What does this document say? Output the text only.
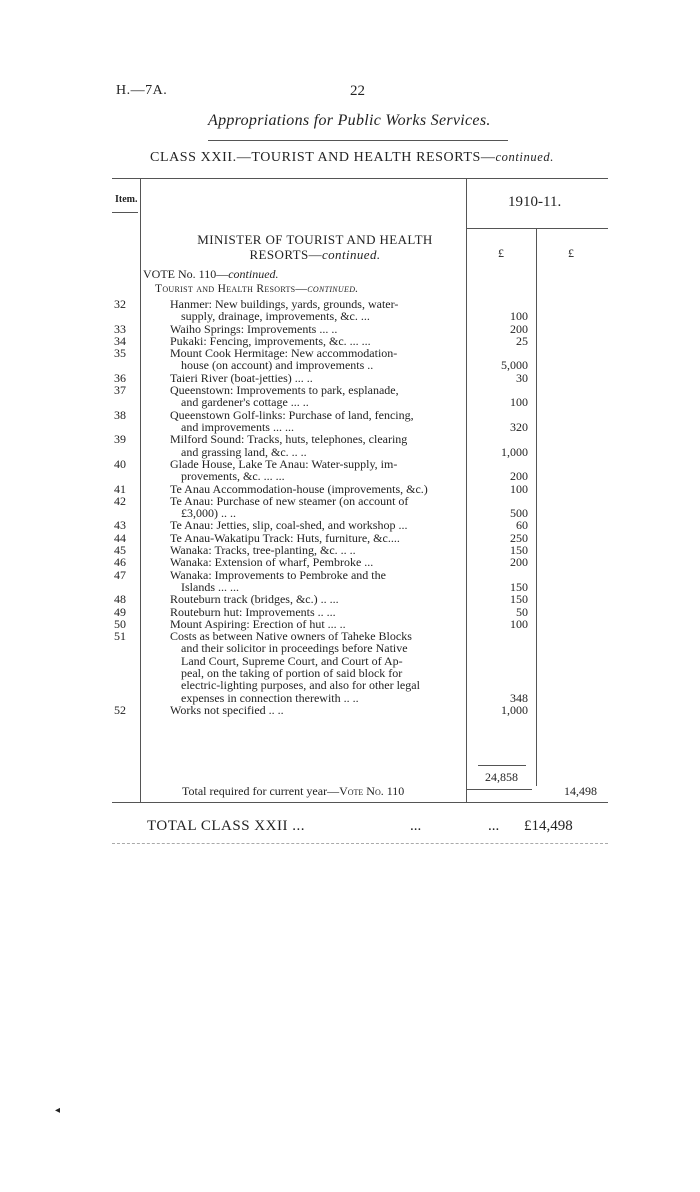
H.—7A.	22
Appropriations for Public Works Services.
CLASS XXII.—TOURIST AND HEALTH RESORTS—continued.
Item.	1910-11.
MINISTER OF TOURIST AND HEALTH
RESORTS—continued.	£	£
VOTE No. 110—continued.
Tourist and Health Resorts—continued.
32	Hanmer: New buildings, yards, grounds, water-
supply, drainage, improvements, &c. ...	100
33	Waiho Springs: Improvements ... ..	200
34	Pukaki: Fencing, improvements, &c. ... ...	25
35	Mount Cook Hermitage: New accommodation-
house (on account) and improvements ..	5,000
36	Taieri River (boat-jetties) ... ..	30
37	Queenstown: Improvements to park, esplanade,
and gardener's cottage ... ..	100
38	Queenstown Golf-links: Purchase of land, fencing,
and improvements ... ...	320
39	Milford Sound: Tracks, huts, telephones, clearing
and grassing land, &c. .. ..	1,000
40	Glade House, Lake Te Anau: Water-supply, im-
provements, &c. ... ...	200
41	Te Anau Accommodation-house (improvements, &c.)	100
42	Te Anau: Purchase of new steamer (on account of
£3,000) .. ..	500
43	Te Anau: Jetties, slip, coal-shed, and workshop ...	60
44	Te Anau-Wakatipu Track: Huts, furniture, &c....	250
45	Wanaka: Tracks, tree-planting, &c. .. ..	150
46	Wanaka: Extension of wharf, Pembroke ...	200
47	Wanaka: Improvements to Pembroke and the
Islands ... ...	150
48	Routeburn track (bridges, &c.) .. ...	150
49	Routeburn hut: Improvements .. ...	50
50	Mount Aspiring: Erection of hut ... ..	100
51	Costs as between Native owners of Taheke Blocks
and their solicitor in proceedings before Native
Land Court, Supreme Court, and Court of Ap-
peal, on the taking of portion of said block for
electric-lighting purposes, and also for other legal
expenses in connection therewith .. ..	348
52	Works not specified .. ..	1,000
24,858
Total required for current year—Vote No. 110	14,498
TOTAL CLASS XXII ...	...	... £14,498
◂
